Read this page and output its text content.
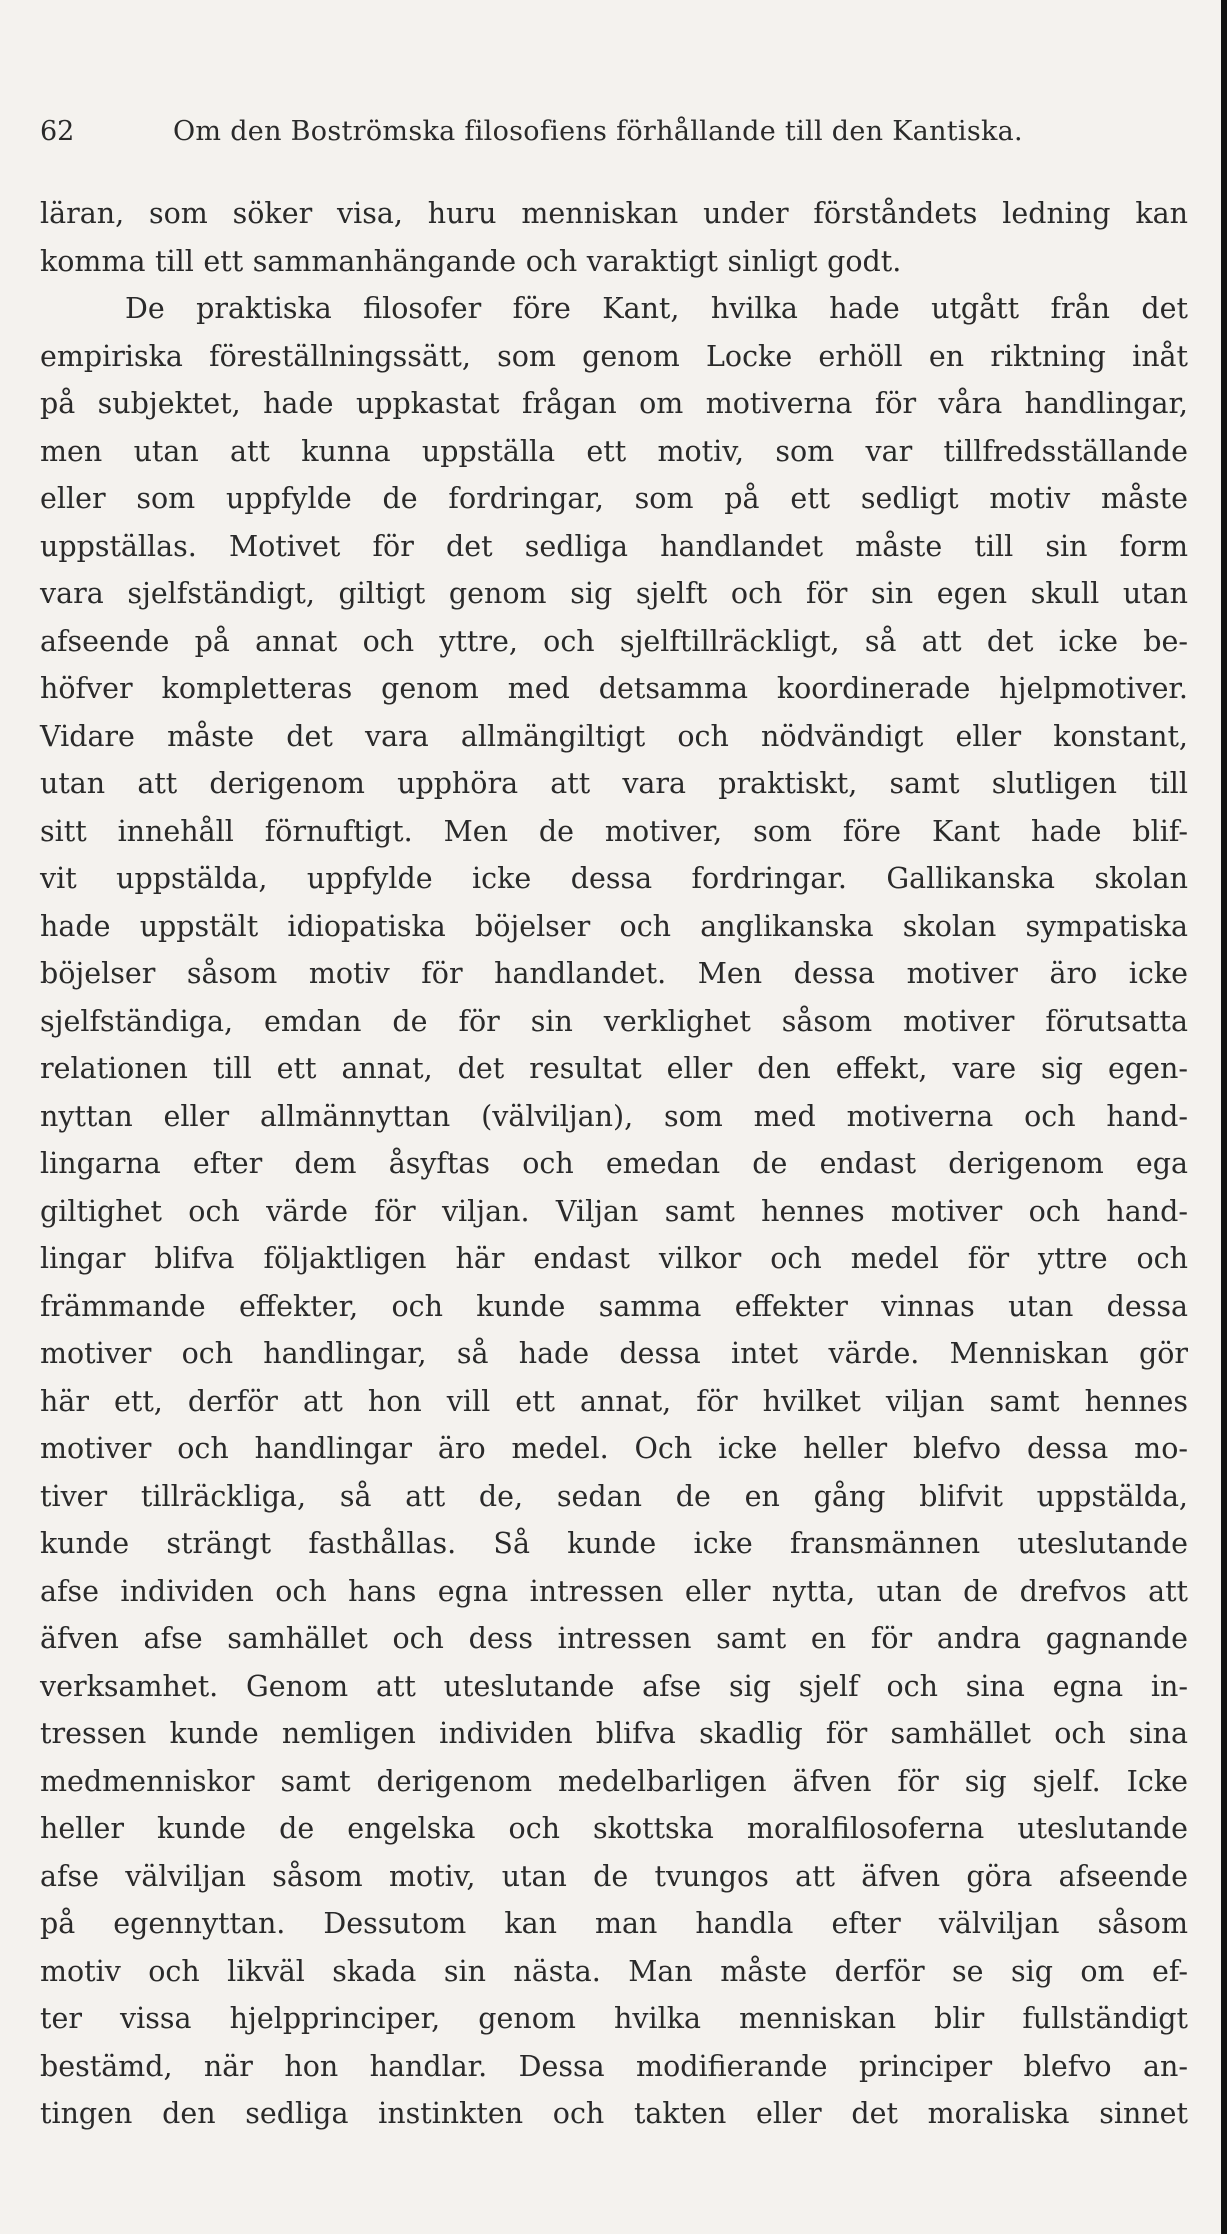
62	Om den Boströmska filosofiens förhållande till den Kantiska.
läran, som söker visa, huru menniskan under förståndets ledning kan
komma till ett sammanhängande och varaktigt sinligt godt.
De praktiska filosofer före Kant, hvilka hade utgått från det
empiriska föreställningssätt, som genom Locke erhöll en riktning inåt
på subjektet, hade uppkastat frågan om motiverna för våra handlingar,
men utan att kunna uppställa ett motiv, som var tillfredsställande
eller som uppfylde de fordringar, som på ett sedligt motiv måste
uppställas. Motivet för det sedliga handlandet måste till sin form
vara sjelfständigt, giltigt genom sig sjelft och för sin egen skull utan
afseende på annat och yttre, och sjelftillräckligt, så att det icke be-
höfver kompletteras genom med detsamma koordinerade hjelpmotiver.
Vidare måste det vara allmängiltigt och nödvändigt eller konstant,
utan att derigenom upphöra att vara praktiskt, samt slutligen till
sitt innehåll förnuftigt. Men de motiver, som före Kant hade blif-
vit uppstälda, uppfylde icke dessa fordringar. Gallikanska skolan
hade uppstält idiopatiska böjelser och anglikanska skolan sympatiska
böjelser såsom motiv för handlandet. Men dessa motiver äro icke
sjelfständiga, emdan de för sin verklighet såsom motiver förutsatta
relationen till ett annat, det resultat eller den effekt, vare sig egen-
nyttan eller allmännyttan (välviljan), som med motiverna och hand-
lingarna efter dem åsyftas och emedan de endast derigenom ega
giltighet och värde för viljan. Viljan samt hennes motiver och hand-
lingar blifva följaktligen här endast vilkor och medel för yttre och
främmande effekter, och kunde samma effekter vinnas utan dessa
motiver och handlingar, så hade dessa intet värde. Menniskan gör
här ett, derför att hon vill ett annat, för hvilket viljan samt hennes
motiver och handlingar äro medel. Och icke heller blefvo dessa mo-
tiver tillräckliga, så att de, sedan de en gång blifvit uppstälda,
kunde strängt fasthållas. Så kunde icke fransmännen uteslutande
afse individen och hans egna intressen eller nytta, utan de drefvos att
äfven afse samhället och dess intressen samt en för andra gagnande
verksamhet. Genom att uteslutande afse sig sjelf och sina egna in-
tressen kunde nemligen individen blifva skadlig för samhället och sina
medmenniskor samt derigenom medelbarligen äfven för sig sjelf. Icke
heller kunde de engelska och skottska moralfilosoferna uteslutande
afse välviljan såsom motiv, utan de tvungos att äfven göra afseende
på egennyttan. Dessutom kan man handla efter välviljan såsom
motiv och likväl skada sin nästa. Man måste derför se sig om ef-
ter vissa hjelpprinciper, genom hvilka menniskan blir fullständigt
bestämd, när hon handlar. Dessa modifierande principer blefvo an-
tingen den sedliga instinkten och takten eller det moraliska sinnet
